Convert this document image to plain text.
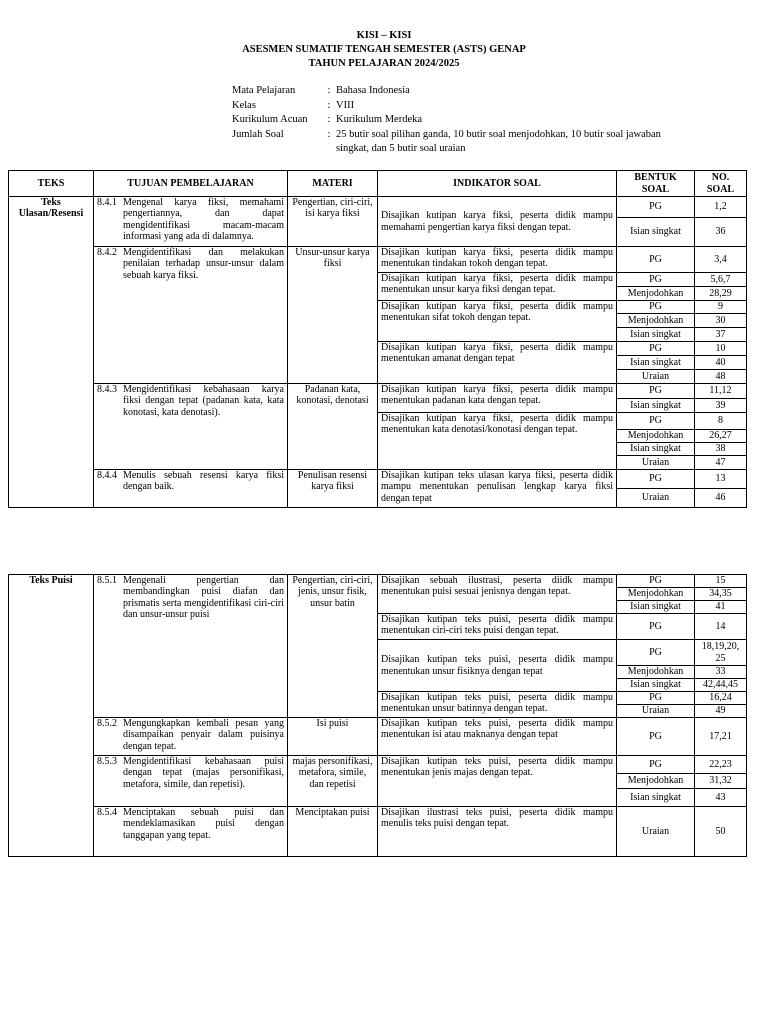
KISI – KISI
ASESMEN SUMATIF TENGAH SEMESTER (ASTS) GENAP
TAHUN PELAJARAN 2024/2025
Mata Pelajaran	: Bahasa Indonesia
Kelas	: VIII
Kurikulum Acuan	: Kurikulum Merdeka
Jumlah Soal	: 25 butir soal pilihan ganda, 10 butir soal menjodohkan, 10 butir soal jawaban singkat, dan 5 butir soal uraian
TEKS	TUJUAN PEMBELAJARAN	MATERI	INDIKATOR SOAL	BENTUK SOAL	NO. SOAL
Teks Ulasan/Resensi	8.4.1 Mengenal karya fiksi, memahami pengertiannya, dan dapat mengidentifikasi macam-macam informasi yang ada di dalamnya.	Pengertian, ciri-ciri, isi karya fiksi	Disajikan kutipan karya fiksi, peserta didik mampu memahami pengertian karya fiksi dengan tepat.	PG	1,2
				Isian singkat	36

	8.4.2 Mengidentifikasi dan melakukan penilaian terhadap unsur-unsur dalam sebuah karya fiksi.	Unsur-unsur karya fiksi	Disajikan kutipan karya fiksi, peserta didik mampu menentukan tindakan tokoh dengan tepat.	PG	3,4
			Disajikan kutipan karya fiksi, peserta didik mampu menentukan unsur karya fiksi dengan tepat.	PG	5,6,7
				Menjodohkan	28,29
			Disajikan kutipan karya fiksi, peserta didik mampu menentukan sifat tokoh dengan tepat.	PG	9
				Menjodohkan	30
				Isian singkat	37
			Disajikan kutipan karya fiksi, peserta didik mampu menentukan amanat dengan tepat	PG	10
				Isian singkat	40
				Uraian	48

	8.4.3 Mengidentifikasi kebahasaan karya fiksi dengan tepat (padanan kata, kata konotasi, kata denotasi).	Padanan kata, konotasi, denotasi	Disajikan kutipan karya fiksi, peserta didik mampu menentukan padanan kata dengan tepat.	PG	11,12
				Isian singkat	39
			Disajikan kutipan karya fiksi, peserta didik mampu menentukan kata denotasi/konotasi dengan tepat.	PG	8
				Menjodohkan	26,27
				Isian singkat	38
				Uraian	47

	8.4.4 Menulis sebuah resensi karya fiksi dengan baik.	Penulisan resensi karya fiksi	Disajikan kutipan teks ulasan karya fiksi, peserta didik mampu menentukan penulisan lengkap karya fiksi dengan tepat	PG	13
				Uraian	46
Teks Puisi	8.5.1 Mengenali pengertian dan membandingkan puisi diafan dan prismatis serta mengidentifikasi ciri-ciri dan unsur-unsur puisi	Pengertian, ciri-ciri, jenis, unsur fisik, unsur batin	Disajikan sebuah ilustrasi, peserta diidk mampu menentukan puisi sesuai jenisnya dengan tepat.	PG	15
				Menjodohkan	34,35
				Isian singkat	41
			Disajikan kutipan teks puisi, peserta didik mampu menentukan ciri-ciri teks puisi dengan tepat.	PG	14
			Disajikan kutipan teks puisi, peserta didik mampu menentukan unsur fisiknya dengan tepat	PG	18,19,20, 25
				Menjodohkan	33
				Isian singkat	42,44,45
			Disajikan kutipan teks puisi, peserta didik mampu menentukan unsur batinnya dengan tepat.	PG	16,24
				Uraian	49

	8.5.2 Mengungkapkan kembali pesan yang disampaikan penyair dalam puisinya dengan tepat.	Isi puisi	Disajikan kutipan teks puisi, peserta didik mampu menentukan isi atau maknanya dengan tepat	PG	17,21

	8.5.3 Mengidentifikasi kebahasaan puisi dengan tepat (majas personifikasi, metafora, simile, dan repetisi).	majas personifikasi, metafora, simile, dan repetisi	Disajikan kutipan teks puisi, peserta didik mampu menentukan jenis majas dengan tepat.	PG	22,23
				Menjodohkan	31,32
				Isian singkat	43

	8.5.4 Menciptakan sebuah puisi dan mendeklamasikan puisi dengan tanggapan yang tepat.	Menciptakan puisi	Disajikan ilustrasi teks puisi, peserta didik mampu menulis teks puisi dengan tepat.	Uraian	50
